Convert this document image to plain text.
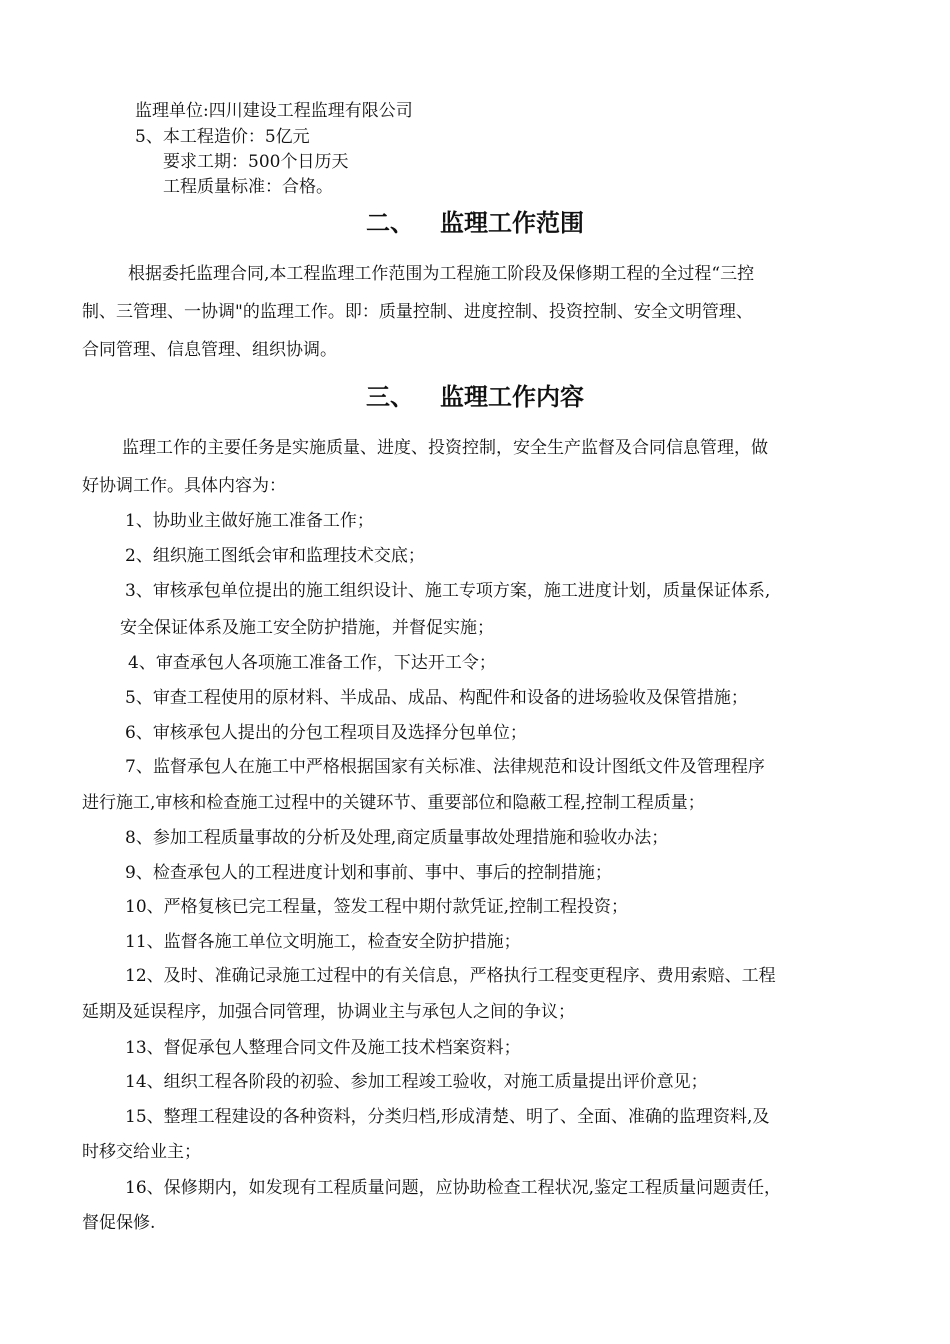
监理单位:四川建设工程监理有限公司
5、本工程造价：5亿元
要求工期：500个日历天
工程质量标准：合格。
二、 监理工作范围
根据委托监理合同,本工程监理工作范围为工程施工阶段及保修期工程的全过程“三控
制、三管理、一协调"的监理工作。即：质量控制、进度控制、投资控制、安全文明管理、
合同管理、信息管理、组织协调。
三、 监理工作内容
监理工作的主要任务是实施质量、进度、投资控制，安全生产监督及合同信息管理，做
好协调工作。具体内容为：
1、协助业主做好施工准备工作；
2、组织施工图纸会审和监理技术交底；
3、审核承包单位提出的施工组织设计、施工专项方案，施工进度计划，质量保证体系,
安全保证体系及施工安全防护措施，并督促实施；
4、审查承包人各项施工准备工作，下达开工令；
5、审查工程使用的原材料、半成品、成品、构配件和设备的进场验收及保管措施；
6、审核承包人提出的分包工程项目及选择分包单位；
7、监督承包人在施工中严格根据国家有关标准、法律规范和设计图纸文件及管理程序
进行施工,审核和检查施工过程中的关键环节、重要部位和隐蔽工程,控制工程质量；
8、参加工程质量事故的分析及处理,商定质量事故处理措施和验收办法；
9、检查承包人的工程进度计划和事前、事中、事后的控制措施；
10、严格复核已完工程量，签发工程中期付款凭证,控制工程投资；
11、监督各施工单位文明施工，检查安全防护措施；
12、及时、准确记录施工过程中的有关信息，严格执行工程变更程序、费用索赔、工程
延期及延误程序，加强合同管理，协调业主与承包人之间的争议；
13、督促承包人整理合同文件及施工技术档案资料；
14、组织工程各阶段的初验、参加工程竣工验收，对施工质量提出评价意见；
15、整理工程建设的各种资料，分类归档,形成清楚、明了、全面、准确的监理资料,及
时移交给业主；
16、保修期内，如发现有工程质量问题，应协助检查工程状况,鉴定工程质量问题责任，
督促保修.
